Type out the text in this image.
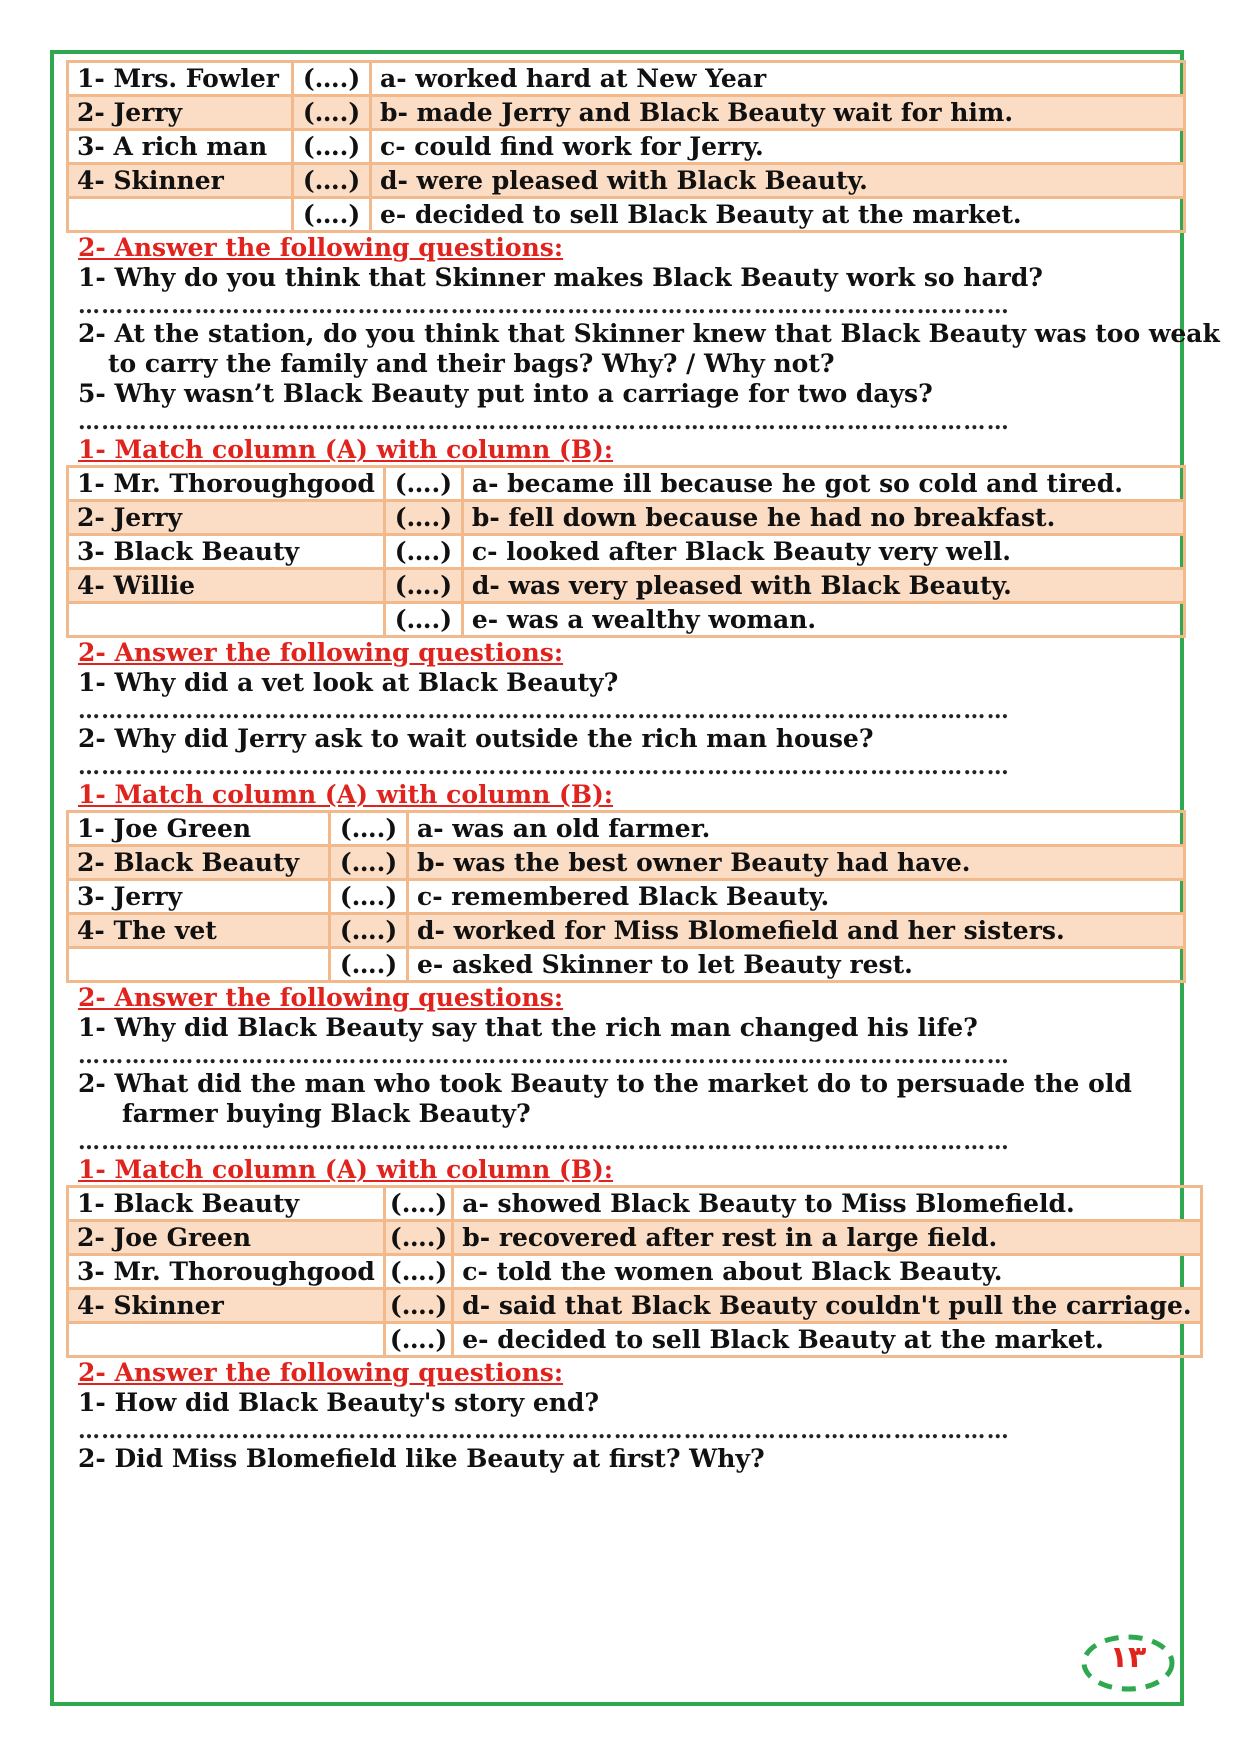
1- Mrs. Fowler	(….)	a- worked hard at New Year
2- Jerry	(….)	b- made Jerry and Black Beauty wait for him.
3- A rich man	(….)	c- could find work for Jerry.
4- Skinner	(….)	d- were pleased with Black Beauty.
	(….)	e- decided to sell Black Beauty at the market.
2- Answer the following questions:
1- Why do you think that Skinner makes Black Beauty work so hard?
…………………………………………………………………………………………………………
2- At the station, do you think that Skinner knew that Black Beauty was too weak
to carry the family and their bags? Why? / Why not?
5- Why wasn’t Black Beauty put into a carriage for two days?
…………………………………………………………………………………………………………
1- Match column (A) with column (B):
1- Mr. Thoroughgood	(….)	a- became ill because he got so cold and tired.
2- Jerry	(….)	b- fell down because he had no breakfast.
3- Black Beauty	(….)	c- looked after Black Beauty very well.
4- Willie	(….)	d- was very pleased with Black Beauty.
	(….)	e- was a wealthy woman.
2- Answer the following questions:
1- Why did a vet look at Black Beauty?
…………………………………………………………………………………………………………
2- Why did Jerry ask to wait outside the rich man house?
…………………………………………………………………………………………………………
1- Match column (A) with column (B):
1- Joe Green	(….)	a- was an old farmer.
2- Black Beauty	(….)	b- was the best owner Beauty had have.
3- Jerry	(….)	c- remembered Black Beauty.
4- The vet	(….)	d- worked for Miss Blomefield and her sisters.
	(….)	e- asked Skinner to let Beauty rest.
2- Answer the following questions:
1- Why did Black Beauty say that the rich man changed his life?
…………………………………………………………………………………………………………
2- What did the man who took Beauty to the market do to persuade the old
farmer buying Black Beauty?
…………………………………………………………………………………………………………
1- Match column (A) with column (B):
1- Black Beauty	(….)	a- showed Black Beauty to Miss Blomefield.
2- Joe Green	(….)	b- recovered after rest in a large field.
3- Mr. Thoroughgood	(….)	c- told the women about Black Beauty.
4- Skinner	(….)	d- said that Black Beauty couldn't pull the carriage.
	(….)	e- decided to sell Black Beauty at the market.
2- Answer the following questions:
1- How did Black Beauty's story end?
…………………………………………………………………………………………………………
2- Did Miss Blomefield like Beauty at first? Why?
١٣
